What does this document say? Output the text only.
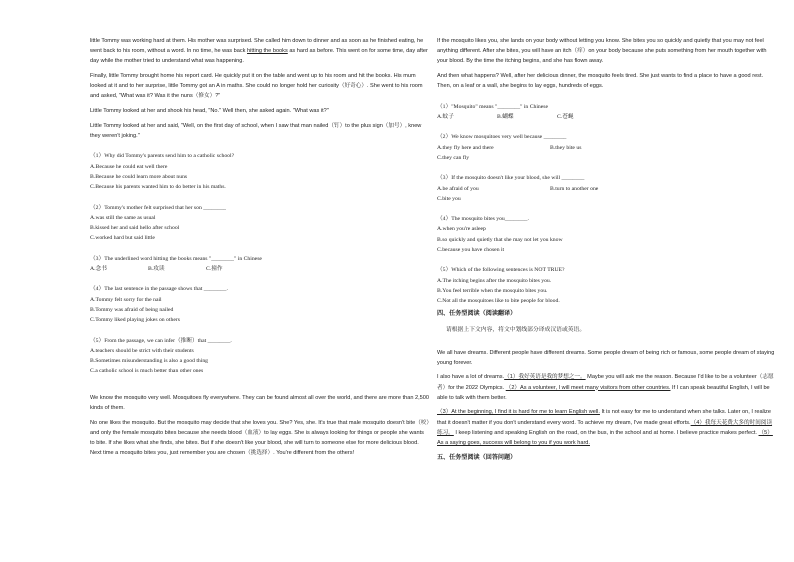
little Tommy was working hard at them. His mother was surprised. She called him down to dinner and as soon as he finished eating, he went back to his room, without a word. In no time, he was back hitting the books as hard as before. This went on for some time, day after day while the mother tried to understand what was happening.

Finally, little Tommy brought home his report card. He quickly put it on the table and went up to his room and hit the books. His mum looked at it and to her surprise, little Tommy got an A in maths. She could no longer hold her curiosity（好奇心）. She went to his room and asked, "What was it? Was it the nuns（修女）?"

Little Tommy looked at her and shook his head, "No." Well then, she asked again. "What was it?"

Little Tommy looked at her and said, "Well, on the first day of school, when I saw that man nailed（钉）to the plus sign（加号）, knew they weren't joking."

（1）Why did Tommy's parents send him to a catholic school?

A.Because he could eat well there

B.Because he could learn more about nuns

C.Because his parents wanted him to do better in his maths.

（2）Tommy's mother felt surprised that her son ________

A.was still the same as usual

B.kissed her and said hello after school

C.worked hard but said little

（3）The underlined word hitting the books means "________" in Chinese

A.念书	B.攻读	C.撞作

（4）The last sentence in the passage shows that ________.

A.Tommy felt sorry for the nail

B.Tommy was afraid of being nailed

C.Tommy liked playing jokes on others

（5）From the passage, we can infer（推断）that ________.

A.teachers should be strict with their students

B.Sometimes misunderstanding is also a good thing

C.a catholic school is much better than other ones

We know the mosquito very well. Mosquitoes fly everywhere. They can be found almost all over the world, and there are more than 2,500 kinds of them.

No one likes the mosquito. But the mosquito may decide that she loves you. She? Yes, she. It's true that male mosquito doesn't bite（咬）and only the female mosquito bites because she needs blood（血液）to lay eggs. She is always looking for things or people she wants to bite. If she likes what she finds, she bites. But if she doesn't like your blood, she will turn to someone else for more delicious blood. Next time a mosquito bites you, just remember you are chosen（挑选择）. You're different from the others!

If the mosquito likes you, she lands on your body without letting you know. She bites you so quickly and quietly that you may not feel anything different. After she bites, you will have an itch（痒）on your body because she puts something from her mouth together with your blood. By the time the itching begins, and she has flown away.

And then what happens? Well, after her delicious dinner, the mosquito feels tired. She just wants to find a place to have a good rest. Then, on a leaf or a wall, she begins to lay eggs, hundreds of eggs.

（1）"Mosquito" means "________" in Chinese

A.蚊子	B.蝴蝶	C.苍蝇

（2）We know mosquitoes very well because ________

A.they fly here and there	B.they bite us

C.they can fly

（3）If the mosquito doesn't like your blood, she will ________

A.be afraid of you	B.turn to another one

C.bite you

（4）The mosquito bites you________.

A.when you're asleep

B.so quickly and quietly that she may not let you know

C.because you have chosen it

（5）Which of the following sentences is NOT TRUE?

A.The itching begins after the mosquito bites you.

B.You feel terrible when the mosquito bites you.

C.Not all the mosquitoes like to bite people for blood.

四、任务型阅读（阅读翻译）

请根据上下文内容，将文中划线部分译成汉语或英语。

We all have dreams. Different people have different dreams. Some people dream of being rich or famous, some people dream of staying young forever.

I also have a lot of dreams.（1）我好英语是我的梦想之一。 Maybe you will ask me the reason. Because I'd like to be a volunteer（志愿者）for the 2022 Olympics. （2）As a volunteer, I will meet many visitors from other countries. If I can speak beautiful English, I will be able to talk with them better.

（3）At the beginning, I find it is hard for me to learn English well. It is not easy for me to understand when she talks. Later on, I realize that it doesn't matter if you don't understand every word. To achieve my dream, I've made great efforts.（4）我每天花费大多的时间阅读练习。 I keep listening and speaking English on the road, on the bus, in the school and at home. I believe practice makes perfect. （5）As a saying goes, success will belong to you if you work hard.

五、任务型阅读（回答问题）
